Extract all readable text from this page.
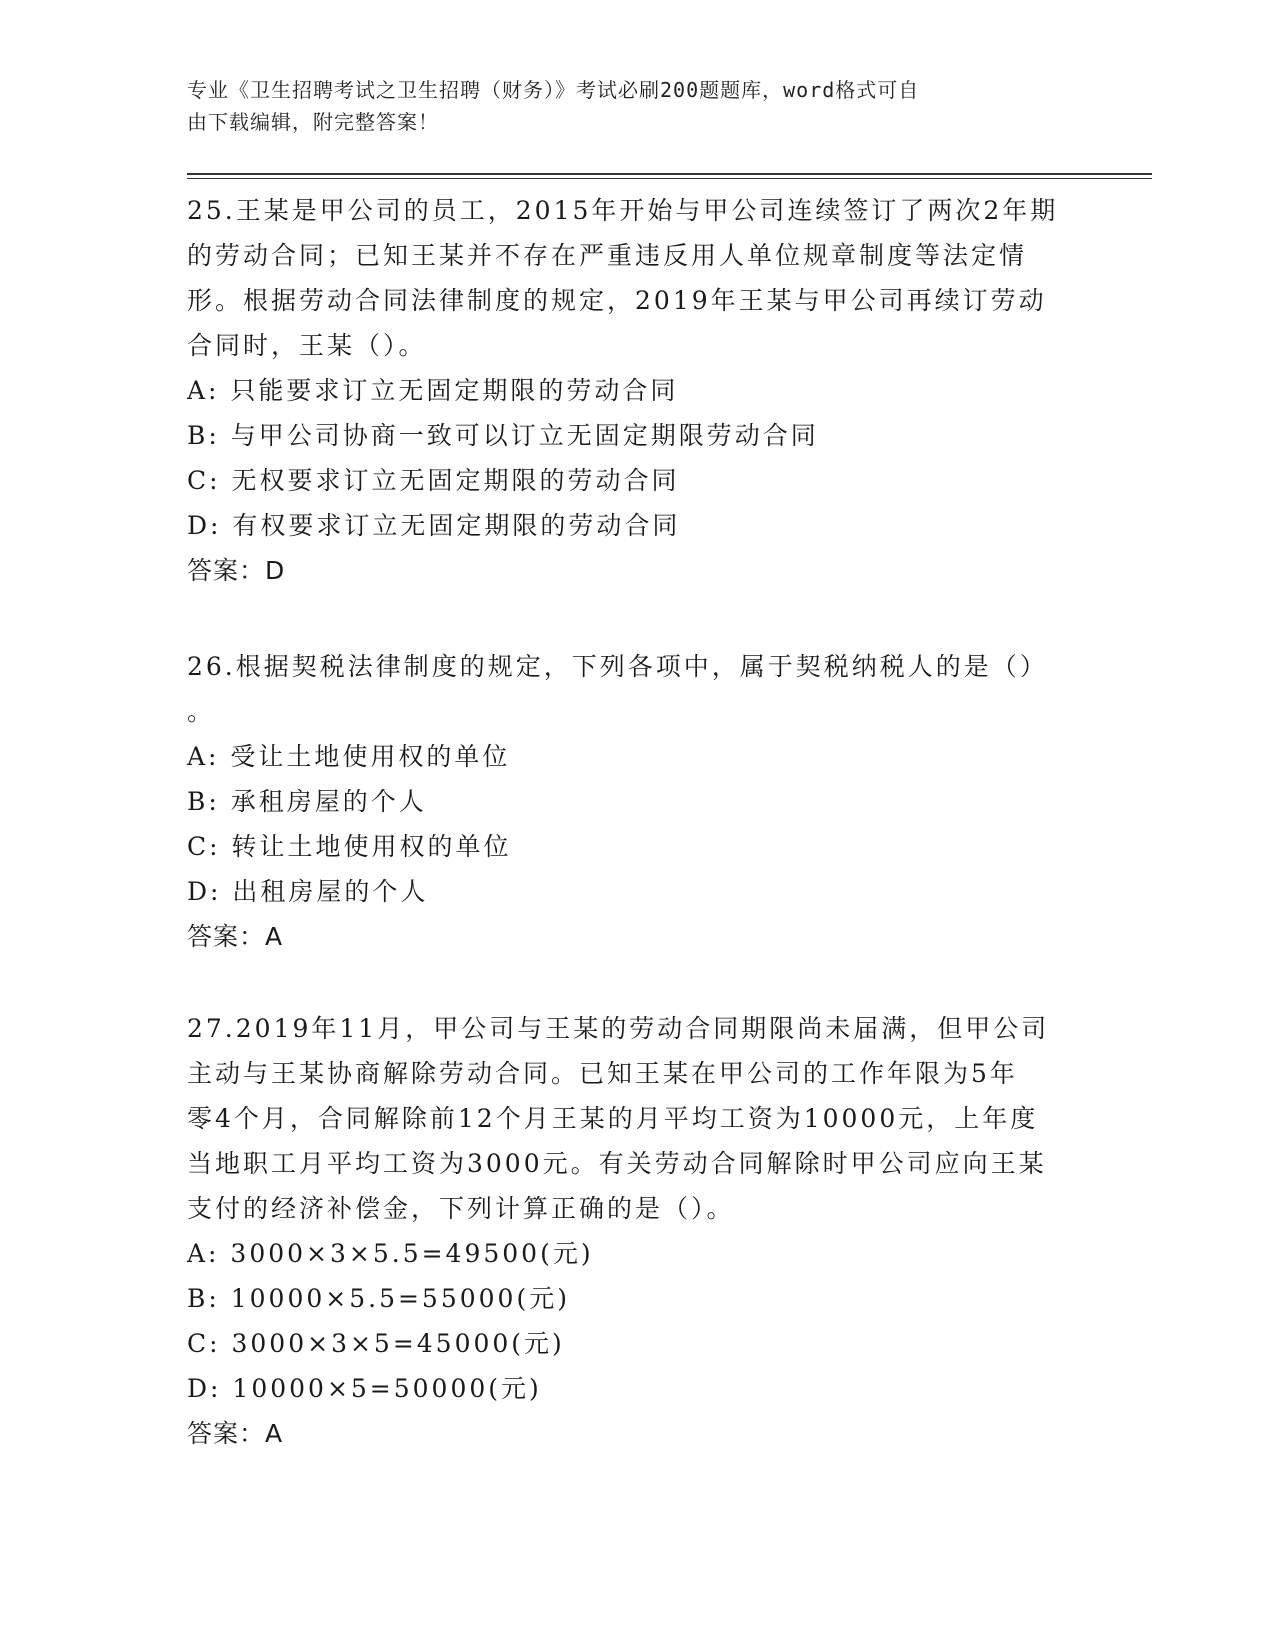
专业《卫生招聘考试之卫生招聘（财务）》考试必刷200题题库，word格式可自
由下载编辑，附完整答案！

25.王某是甲公司的员工，2015年开始与甲公司连续签订了两次2年期
的劳动合同；已知王某并不存在严重违反用人单位规章制度等法定情
形。根据劳动合同法律制度的规定，2019年王某与甲公司再续订劳动
合同时，王某（）。

A: 只能要求订立无固定期限的劳动合同

B: 与甲公司协商一致可以订立无固定期限劳动合同

C: 无权要求订立无固定期限的劳动合同

D: 有权要求订立无固定期限的劳动合同

答案：D

26.根据契税法律制度的规定，下列各项中，属于契税纳税人的是（）
。

A: 受让土地使用权的单位

B: 承租房屋的个人

C: 转让土地使用权的单位

D: 出租房屋的个人

答案：A

27.2019年11月，甲公司与王某的劳动合同期限尚未届满，但甲公司
主动与王某协商解除劳动合同。已知王某在甲公司的工作年限为5年
零4个月，合同解除前12个月王某的月平均工资为10000元，上年度
当地职工月平均工资为3000元。有关劳动合同解除时甲公司应向王某
支付的经济补偿金，下列计算正确的是（）。

A: 3000×3×5.5=49500(元)

B: 10000×5.5=55000(元)

C: 3000×3×5=45000(元)

D: 10000×5=50000(元)

答案：A
